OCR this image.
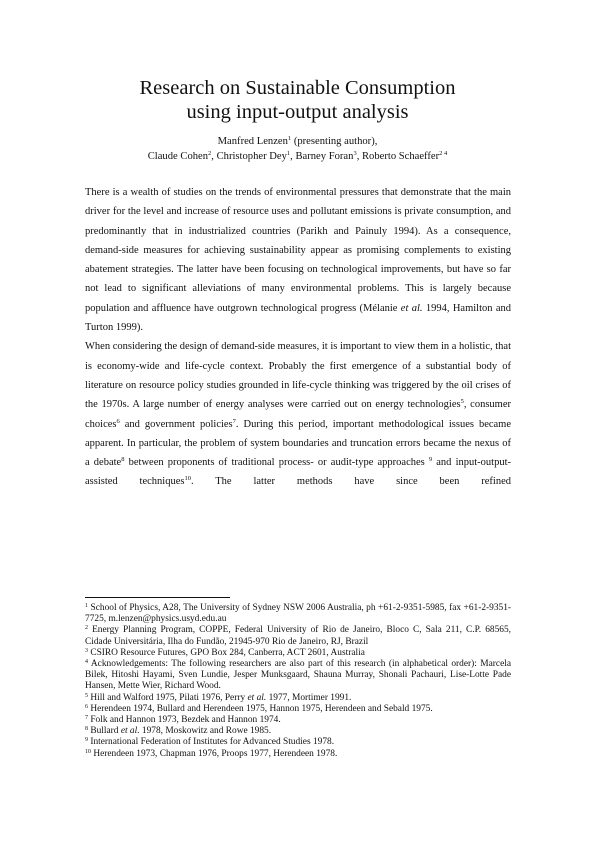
Research on Sustainable Consumption
using input-output analysis
Manfred Lenzen$^1$ (presenting author),
Claude Cohen$^2$, Christopher Dey$^1$, Barney Foran$^3$, Roberto Schaeffer$^{2 4}$

There is a wealth of studies on the trends of environmental pressures that demonstrate that the main driver for the level and increase of resource uses and pollutant emissions is private consumption, and predominantly that in industrialized countries (Parikh and Painuly 1994). As a consequence, demand-side measures for achieving sustainability appear as promising complements to existing abatement strategies. The latter have been focusing on technological improvements, but have so far not lead to significant alleviations of many environmental problems. This is largely because population and affluence have outgrown technological progress (Mélanie et al. 1994, Hamilton and Turton 1999).

When considering the design of demand-side measures, it is important to view them in a holistic, that is economy-wide and life-cycle context. Probably the first emergence of a substantial body of literature on resource policy studies grounded in life-cycle thinking was triggered by the oil crises of the 1970s. A large number of energy analyses were carried out on energy technologies$^5$, consumer choices$^6$ and government policies$^7$. During this period, important methodological issues became apparent. In particular, the problem of system boundaries and truncation errors became the nexus of a debate$^8$ between proponents of traditional process- or audit-type approaches $^9$ and input-output-assisted techniques$^{10}$. The latter methods have since been refined

$^1$ School of Physics, A28, The University of Sydney NSW 2006 Australia, ph +61-2-9351-5985, fax +61-2-9351-7725, m.lenzen@physics.usyd.edu.au

$^2$ Energy Planning Program, COPPE, Federal University of Rio de Janeiro, Bloco C, Sala 211, C.P. 68565, Cidade Universitária, Ilha do Fundão, 21945-970 Rio de Janeiro, RJ, Brazil

$^3$ CSIRO Resource Futures, GPO Box 284, Canberra, ACT 2601, Australia

$^4$ Acknowledgements: The following researchers are also part of this research (in alphabetical order): Marcela Bilek, Hitoshi Hayami, Sven Lundie, Jesper Munksgaard, Shauna Murray, Shonali Pachauri, Lise-Lotte Pade Hansen, Mette Wier, Richard Wood.

$^5$ Hill and Walford 1975, Pilati 1976, Perry et al. 1977, Mortimer 1991.

$^6$ Herendeen 1974, Bullard and Herendeen 1975, Hannon 1975, Herendeen and Sebald 1975.

$^7$ Folk and Hannon 1973, Bezdek and Hannon 1974.

$^8$ Bullard et al. 1978, Moskowitz and Rowe 1985.

$^9$ International Federation of Institutes for Advanced Studies 1978.

$^{10}$ Herendeen 1973, Chapman 1976, Proops 1977, Herendeen 1978.
